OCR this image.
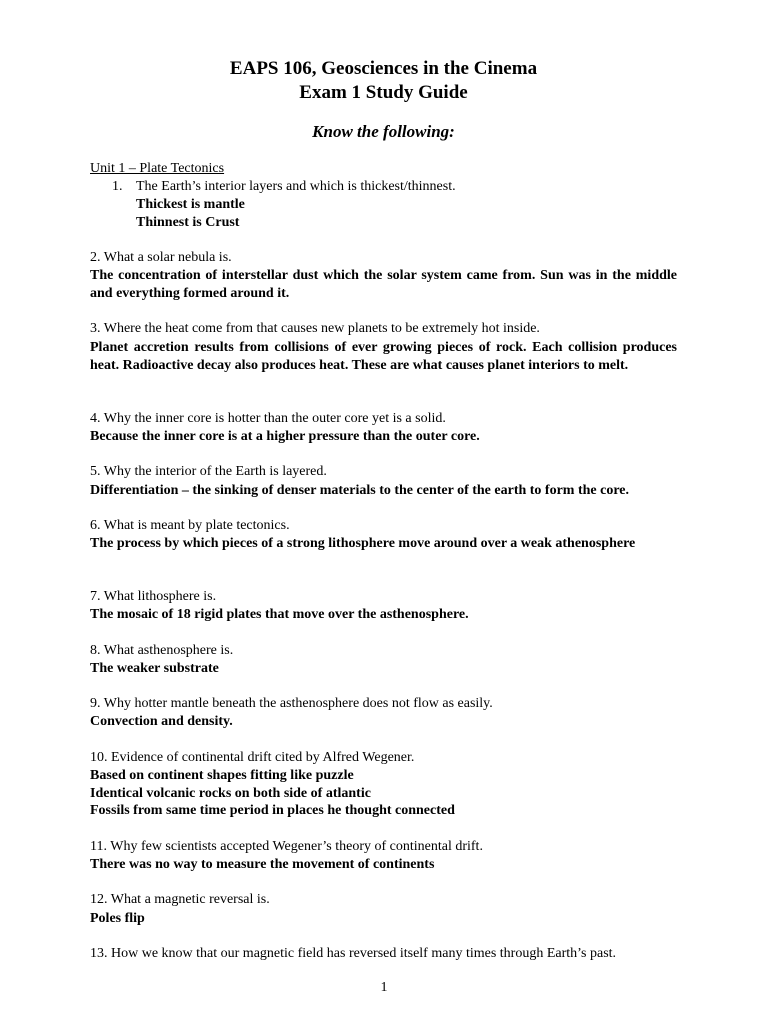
EAPS 106, Geosciences in the Cinema
Exam 1 Study Guide
Know the following:

Unit 1 – Plate Tectonics

1. The Earth’s interior layers and which is thickest/thinnest.

Thickest is mantle

Thinnest is Crust

2. What a solar nebula is.

The concentration of interstellar dust which the solar system came from. Sun was in the middle and everything formed around it.

3. Where the heat come from that causes new planets to be extremely hot inside.

Planet accretion results from collisions of ever growing pieces of rock. Each collision produces heat. Radioactive decay also produces heat. These are what causes planet interiors to melt.

4. Why the inner core is hotter than the outer core yet is a solid.

Because the inner core is at a higher pressure than the outer core.

5. Why the interior of the Earth is layered.

Differentiation – the sinking of denser materials to the center of the earth to form the core.

6. What is meant by plate tectonics.

The process by which pieces of a strong lithosphere move around over a weak athenosphere

7. What lithosphere is.

The mosaic of 18 rigid plates that move over the asthenosphere.

8. What asthenosphere is.

The weaker substrate

9. Why hotter mantle beneath the asthenosphere does not flow as easily.

Convection and density.

10. Evidence of continental drift cited by Alfred Wegener.

Based on continent shapes fitting like puzzle

Identical volcanic rocks on both side of atlantic

Fossils from same time period in places he thought connected

11. Why few scientists accepted Wegener’s theory of continental drift.

There was no way to measure the movement of continents

12. What a magnetic reversal is.

Poles flip

13. How we know that our magnetic field has reversed itself many times through Earth’s past.

1
